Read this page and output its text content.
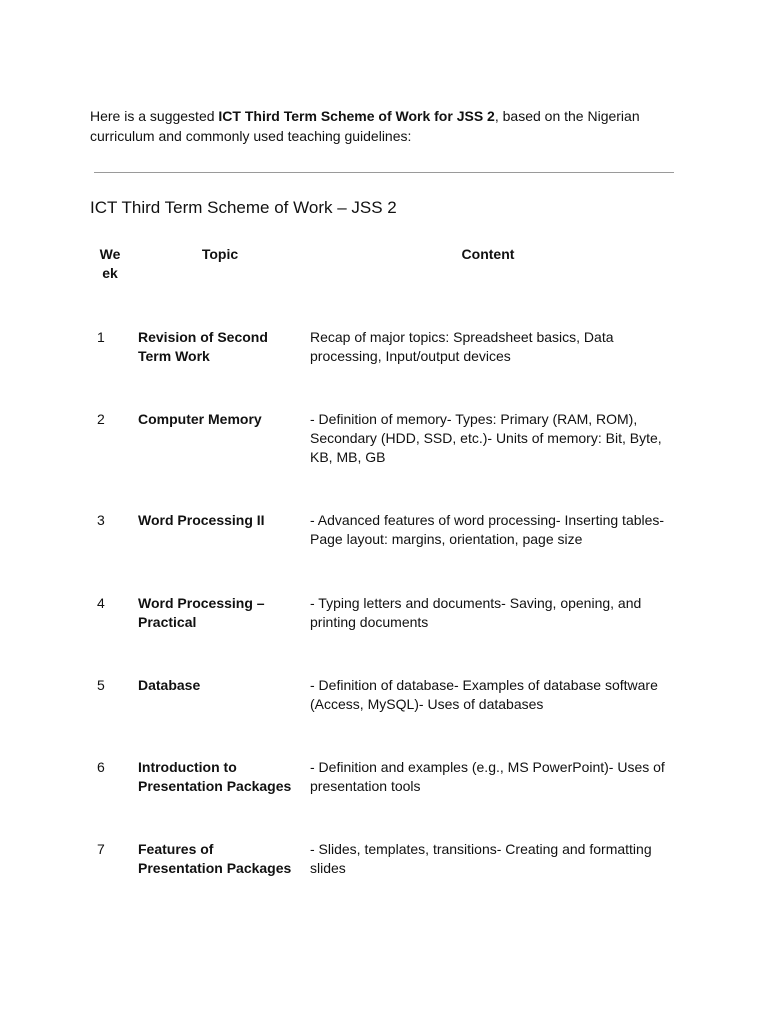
Here is a suggested ICT Third Term Scheme of Work for JSS 2, based on the Nigerian curriculum and commonly used teaching guidelines:

ICT Third Term Scheme of Work – JSS 2
Week	Topic	Content
1	Revision of Second Term Work	Recap of major topics: Spreadsheet basics, Data processing, Input/output devices
2	Computer Memory	- Definition of memory- Types: Primary (RAM, ROM), Secondary (HDD, SSD, etc.)- Units of memory: Bit, Byte, KB, MB, GB
3	Word Processing II	- Advanced features of word processing- Inserting tables- Page layout: margins, orientation, page size
4	Word Processing – Practical	- Typing letters and documents- Saving, opening, and printing documents
5	Database	- Definition of database- Examples of database software (Access, MySQL)- Uses of databases
6	Introduction to Presentation Packages	- Definition and examples (e.g., MS PowerPoint)- Uses of presentation tools
7	Features of Presentation Packages	- Slides, templates, transitions- Creating and formatting slides
